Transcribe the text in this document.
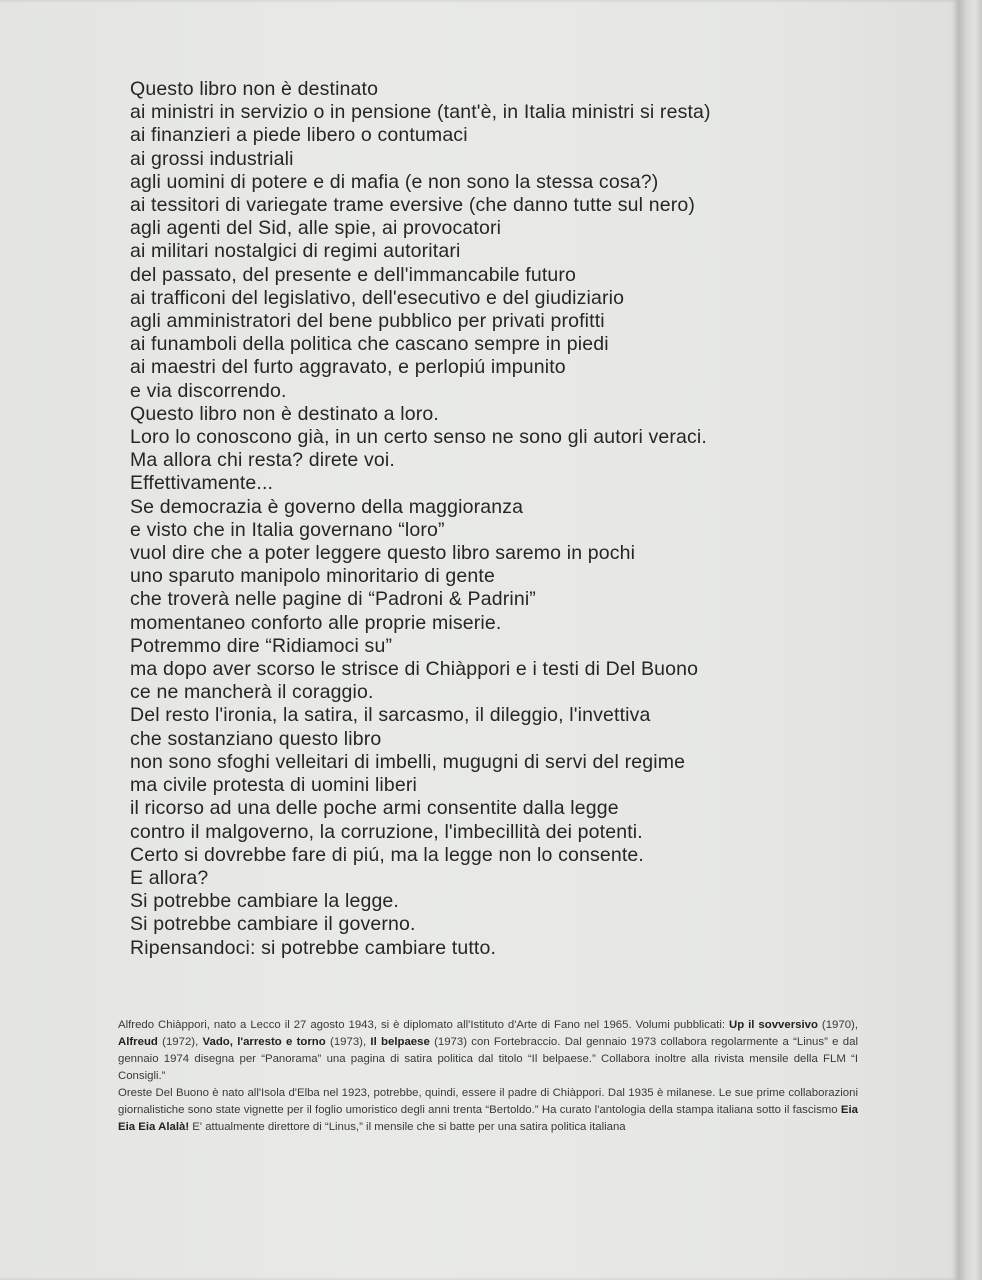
Questo libro non è destinato
ai ministri in servizio o in pensione (tant'è, in Italia ministri si resta)
ai finanzieri a piede libero o contumaci
ai grossi industriali
agli uomini di potere e di mafia (e non sono la stessa cosa?)
ai tessitori di variegate trame eversive (che danno tutte sul nero)
agli agenti del Sid, alle spie, ai provocatori
ai militari nostalgici di regimi autoritari
del passato, del presente e dell'immancabile futuro
ai trafficoni del legislativo, dell'esecutivo e del giudiziario
agli amministratori del bene pubblico per privati profitti
ai funamboli della politica che cascano sempre in piedi
ai maestri del furto aggravato, e perlopiú impunito
e via discorrendo.
Questo libro non è destinato a loro.
Loro lo conoscono già, in un certo senso ne sono gli autori veraci.
Ma allora chi resta? direte voi.
Effettivamente...
Se democrazia è governo della maggioranza
e visto che in Italia governano “loro”
vuol dire che a poter leggere questo libro saremo in pochi
uno sparuto manipolo minoritario di gente
che troverà nelle pagine di “Padroni & Padrini”
momentaneo conforto alle proprie miserie.
Potremmo dire “Ridiamoci su”
ma dopo aver scorso le strisce di Chiàppori e i testi di Del Buono
ce ne mancherà il coraggio.
Del resto l'ironia, la satira, il sarcasmo, il dileggio, l'invettiva
che sostanziano questo libro
non sono sfoghi velleitari di imbelli, mugugni di servi del regime
ma civile protesta di uomini liberi
il ricorso ad una delle poche armi consentite dalla legge
contro il malgoverno, la corruzione, l'imbecillità dei potenti.
Certo si dovrebbe fare di piú, ma la legge non lo consente.
E allora?
Si potrebbe cambiare la legge.
Si potrebbe cambiare il governo.
Ripensandoci: si potrebbe cambiare tutto.

Alfredo Chiàppori, nato a Lecco il 27 agosto 1943, si è diplomato all'Istituto d'Arte di Fano nel 1965. Volumi pubblicati: Up il sovversivo (1970), Alfreud (1972), Vado, l'arresto e torno (1973), Il belpaese (1973) con Fortebraccio. Dal gennaio 1973 collabora regolarmente a “Linus” e dal gennaio 1974 disegna per “Panorama” una pagina di satira politica dal titolo “Il belpaese.” Collabora inoltre alla rivista mensile della FLM “I Consigli.”

Oreste Del Buono è nato all'Isola d'Elba nel 1923, potrebbe, quindi, essere il padre di Chiàppori. Dal 1935 è milanese. Le sue prime collaborazioni giornalistiche sono state vignette per il foglio umoristico degli anni trenta “Bertoldo.” Ha curato l'antologia della stampa italiana sotto il fascismo Eia Eia Eia Alalà! E' attualmente direttore di “Linus,” il mensile che si batte per una satira politica italiana
